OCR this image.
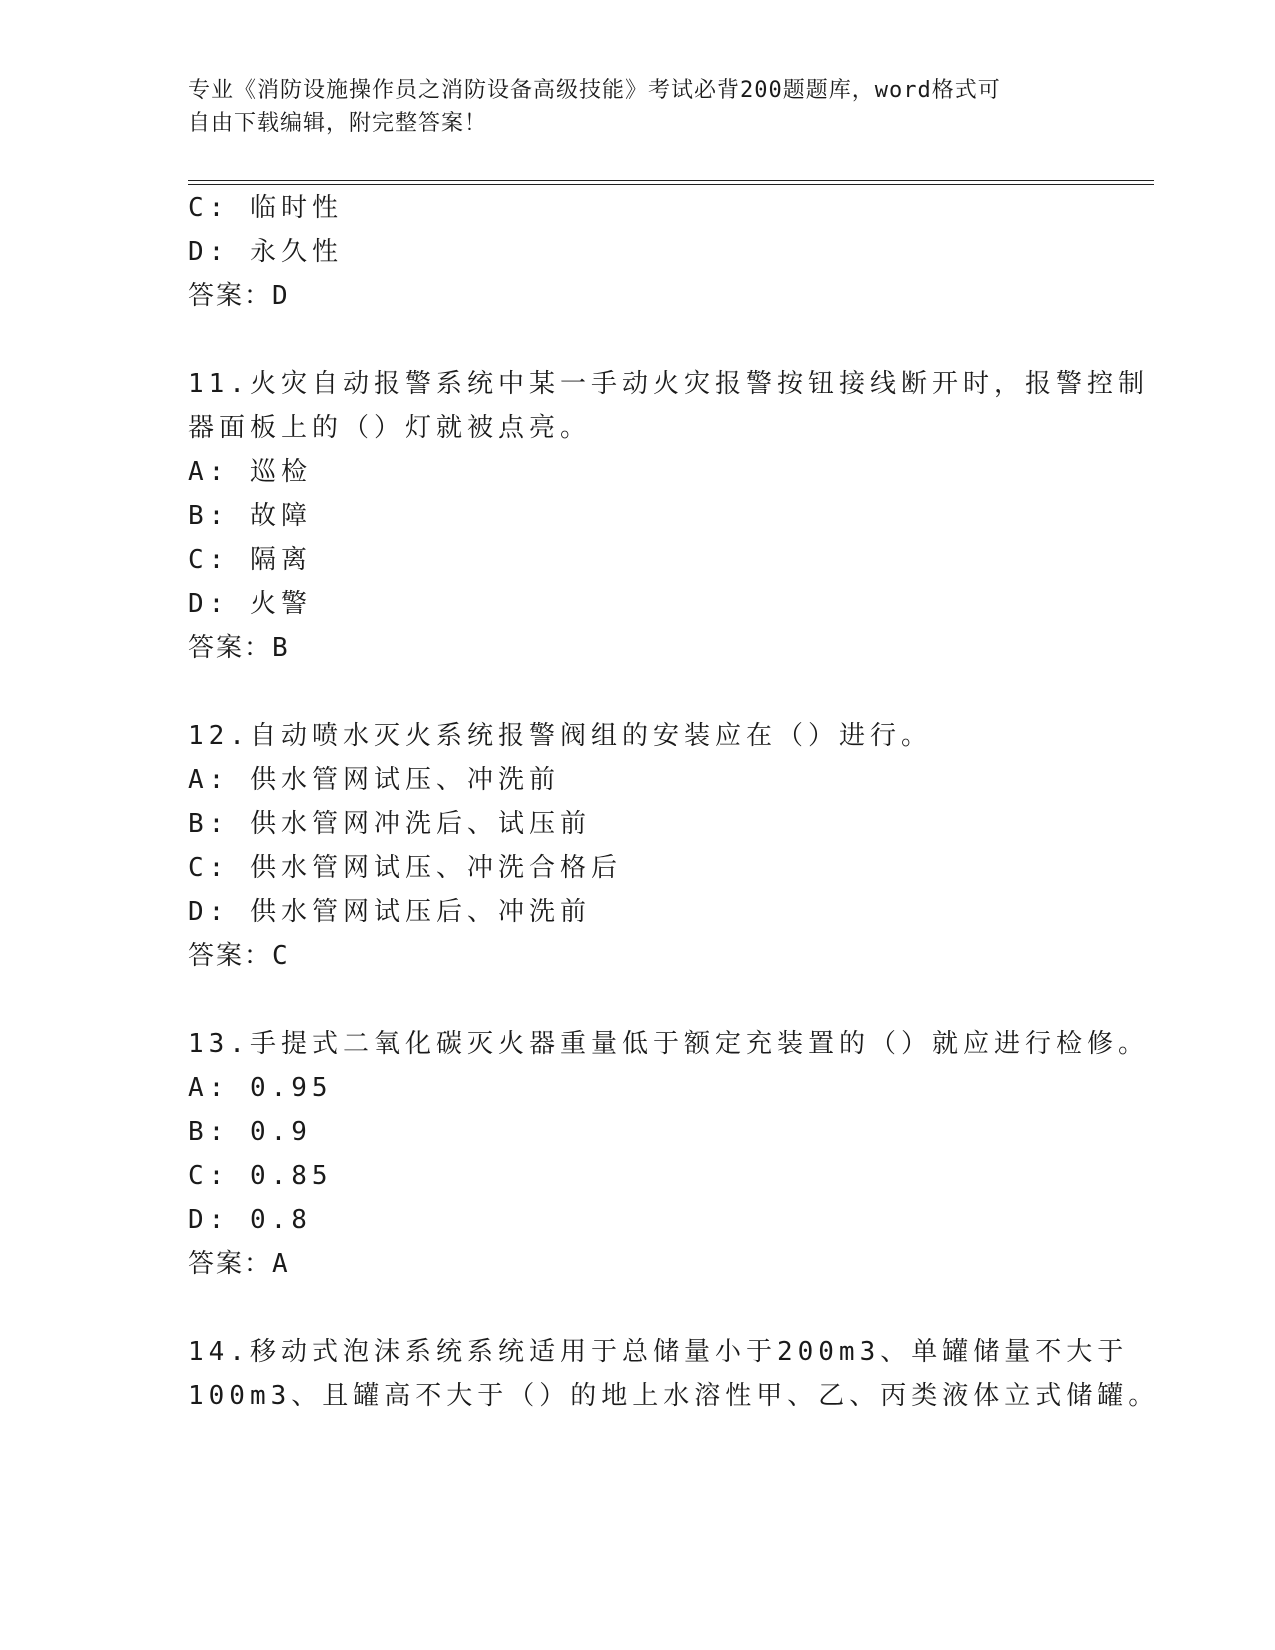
专业《消防设施操作员之消防设备高级技能》考试必背200题题库，word格式可
自由下载编辑，附完整答案！
C: 临时性
D: 永久性
答案：D
11.火灾自动报警系统中某一手动火灾报警按钮接线断开时，报警控制
器面板上的（）灯就被点亮。
A: 巡检
B: 故障
C: 隔离
D: 火警
答案：B
12.自动喷水灭火系统报警阀组的安装应在（）进行。
A: 供水管网试压、冲洗前
B: 供水管网冲洗后、试压前
C: 供水管网试压、冲洗合格后
D: 供水管网试压后、冲洗前
答案：C
13.手提式二氧化碳灭火器重量低于额定充装置的（）就应进行检修。
A: 0.95
B: 0.9
C: 0.85
D: 0.8
答案：A
14.移动式泡沫系统系统适用于总储量小于200m3、单罐储量不大于
100m3、且罐高不大于（）的地上水溶性甲、乙、丙类液体立式储罐。
